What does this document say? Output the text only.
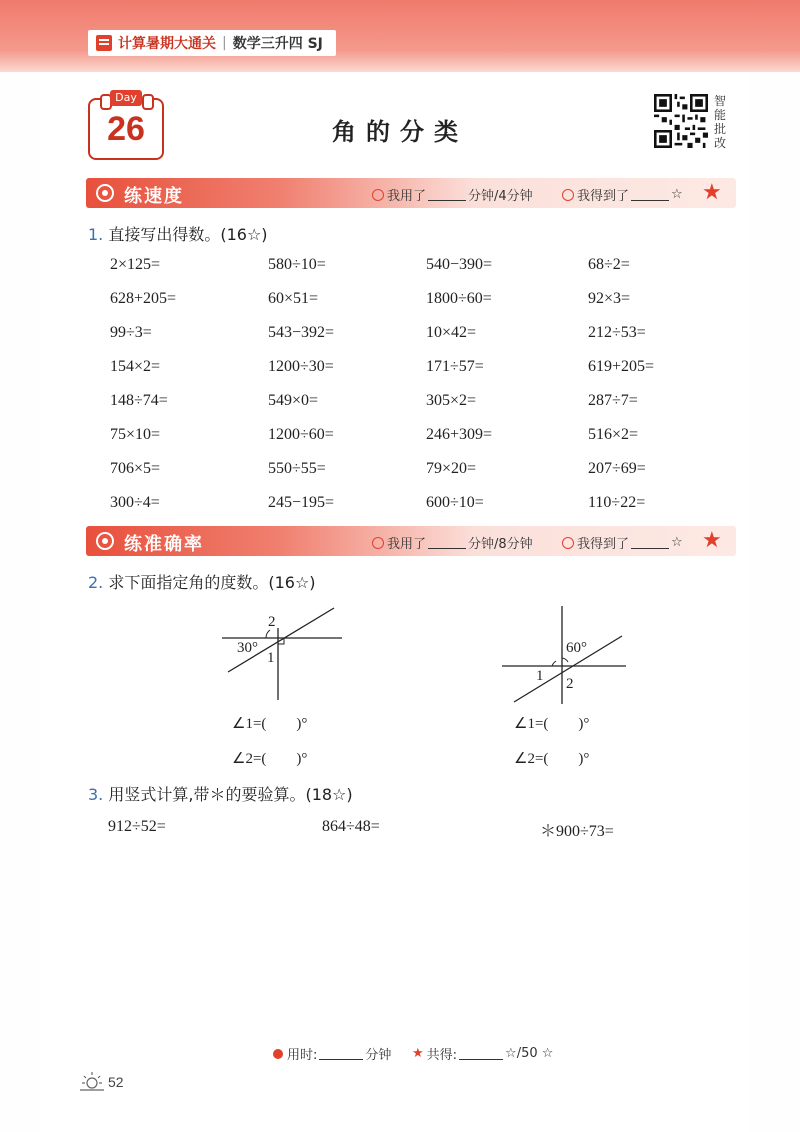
计算暑期大通关 | 数学三升四 SJ
Day
26	角的分类
智能批改
练速度	我用了	分钟/4分钟	我得到了	☆ ★
1. 直接写出得数。(16☆)
2×125=	580÷10=	540−390=	68÷2=
628+205=	60×51=	1800÷60=	92×3=
99÷3=	543−392=	10×42=	212÷53=
154×2=	1200÷30=	171÷57=	619+205=
148÷74=	549×0=	305×2=	287÷7=
75×10=	1200÷60=	246+309=	516×2=
706×5=	550÷55=	79×20=	207÷69=
300÷4=	245−195=	600÷10=	110÷22=
练准确率	我用了	分钟/8分钟	我得到了	☆ ★
2. 求下面指定角的度数。(16☆)
30°
2
1
60°
1 2
∠1=(　　)°
∠2=(　　)°
∠1=(　　)°
∠2=(　　)°
3. 用竖式计算,带＊的要验算。(18☆)
912÷52=	864÷48=	＊900÷73=
用时:	分钟 ★ 共得:	☆/50 ☆
52
